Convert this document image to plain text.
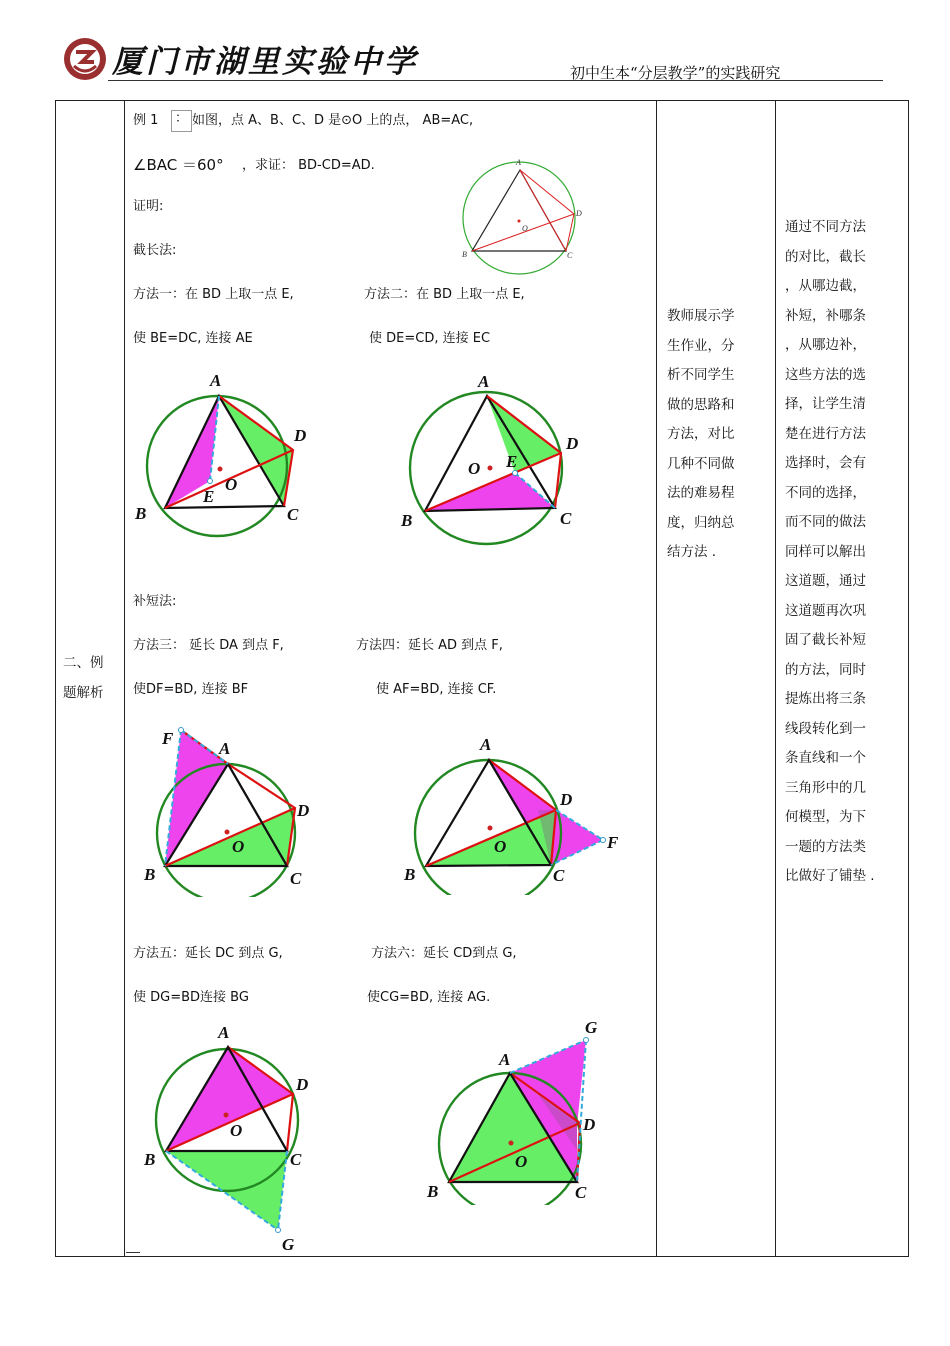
厦门市湖里实验中学	初中生本“分层教学”的实践研究
二、例
题解析
例 1	： 如图，点 A、B、C、D 是⊙O 上的点， AB=AC,
∠BAC ＝60° ，求证： BD-CD=AD.
证明:
截长法:
方法一：在 BD 上取一点 E,	方法二：在 BD 上取一点 E,
使 BE=DC, 连接 AE	使 DE=CD, 连接 EC
补短法:
方法三： 延长 DA 到点 F,	方法四：延长 AD 到点 F,
使DF=BD, 连接 BF	使 AF=BD, 连接 CF.
方法五：延长 DC 到点 G,	方法六：延长 CD到点 G,
使 DG=BD连接 BG	使CG=BD, 连接 AG.
A
B	C
D
O
A
B	C
D
O
E
A
B	C
D
O E
F
A
B	C
D
O
A
B	C
D
O	F
A
B	C
D
O
G
A
B	C
D
O
G
教师展示学
生作业，分
析不同学生
做的思路和
方法，对比
几种不同做
法的难易程
度，归纳总
结方法 .
通过不同方法
的对比，截长
，从哪边截，
补短，补哪条
，从哪边补，
这些方法的选
择，让学生清
楚在进行方法
选择时，会有
不同的选择，
而不同的做法
同样可以解出
这道题，通过
这道题再次巩
固了截长补短
的方法，同时
提炼出将三条
线段转化到一
条直线和一个
三角形中的几
何模型，为下
一题的方法类
比做好了铺垫 .
